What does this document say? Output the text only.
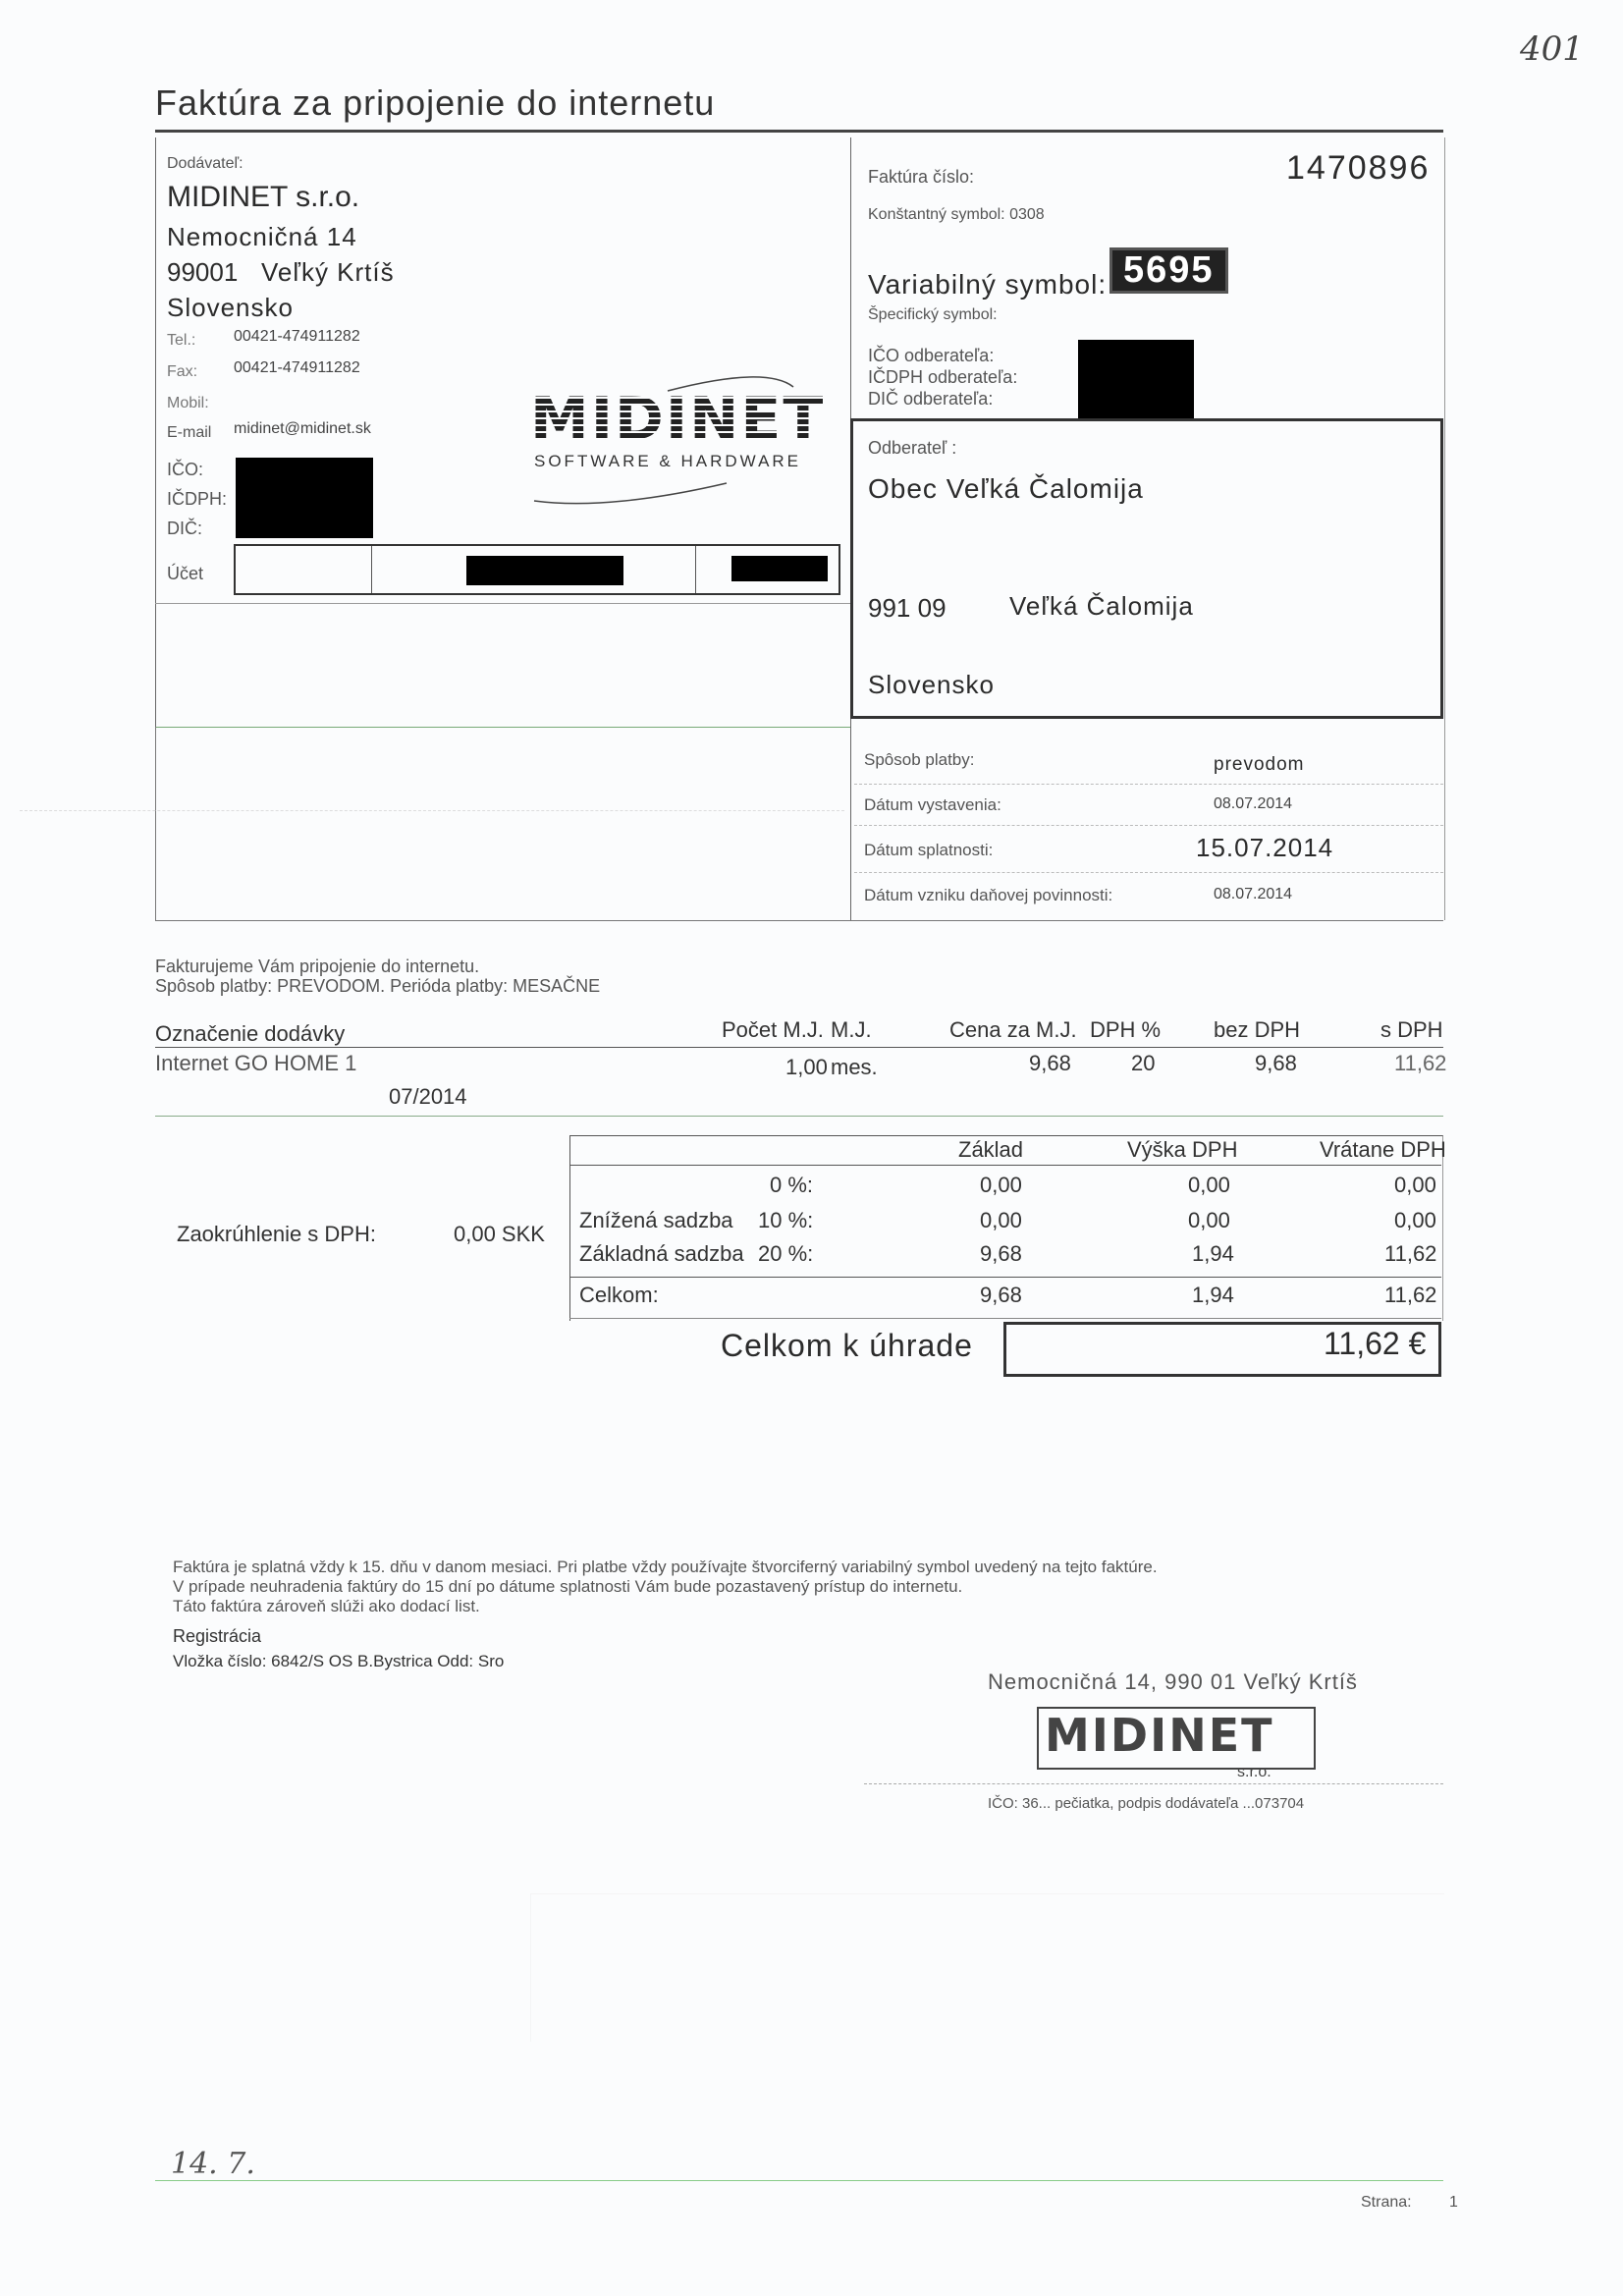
401
Faktúra za pripojenie do internetu
Dodávateľ:
MIDINET s.r.o.
Nemocničná 14
99001 Veľký Krtíš
Slovensko
Tel.: 00421-474911282
Fax: 00421-474911282
Mobil:
E-mail midinet@midinet.sk
IČO:
IČDPH:
DIČ:
Účet
MIDINET
SOFTWARE & HARDWARE
Faktúra číslo:	1470896
Konštantný symbol: 0308
Variabilný symbol: 5695
Špecifický symbol:
IČO odberateľa:
IČDPH odberateľa:
DIČ odberateľa:
Odberateľ :
Obec Veľká Čalomija
991 09 Veľká Čalomija
Slovensko
Spôsob platby:	prevodom
Dátum vystavenia:	08.07.2014
Dátum splatnosti:	15.07.2014
Dátum vzniku daňovej povinnosti:	08.07.2014
Fakturujeme Vám pripojenie do internetu.
Spôsob platby: PREVODOM. Perióda platby: MESAČNE
Označenie dodávky	Počet M.J. M.J.	Cena za M.J. DPH % bez DPH	s DPH
Internet GO HOME 1	1,00 mes.	9,68	20	9,68	11,62
07/2014
Zaokrúhlenie s DPH:	0,00 SKK
Základ	Výška DPH	Vrátane DPH
0 %:	0,00	0,00	0,00
Znížená sadzba 10 %:	0,00	0,00	0,00
Základná sadzba 20 %:	9,68	1,94	11,62
Celkom:	9,68	1,94	11,62
Celkom k úhrade	11,62 €
Faktúra je splatná vždy k 15. dňu v danom mesiaci. Pri platbe vždy používajte štvorciferný variabilný symbol uvedený na tejto faktúre.
V prípade neuhradenia faktúry do 15 dní po dátume splatnosti Vám bude pozastavený prístup do internetu.
Táto faktúra zároveň slúži ako dodací list.
Registrácia
Vložka číslo: 6842/S OS B.Bystrica Odd: Sro
Nemocničná 14, 990 01 Veľký Krtíš
MIDINET
s.r.o.
IČO: 36... pečiatka, podpis dodávateľa ...073704
14. 7.
Strana: 1
